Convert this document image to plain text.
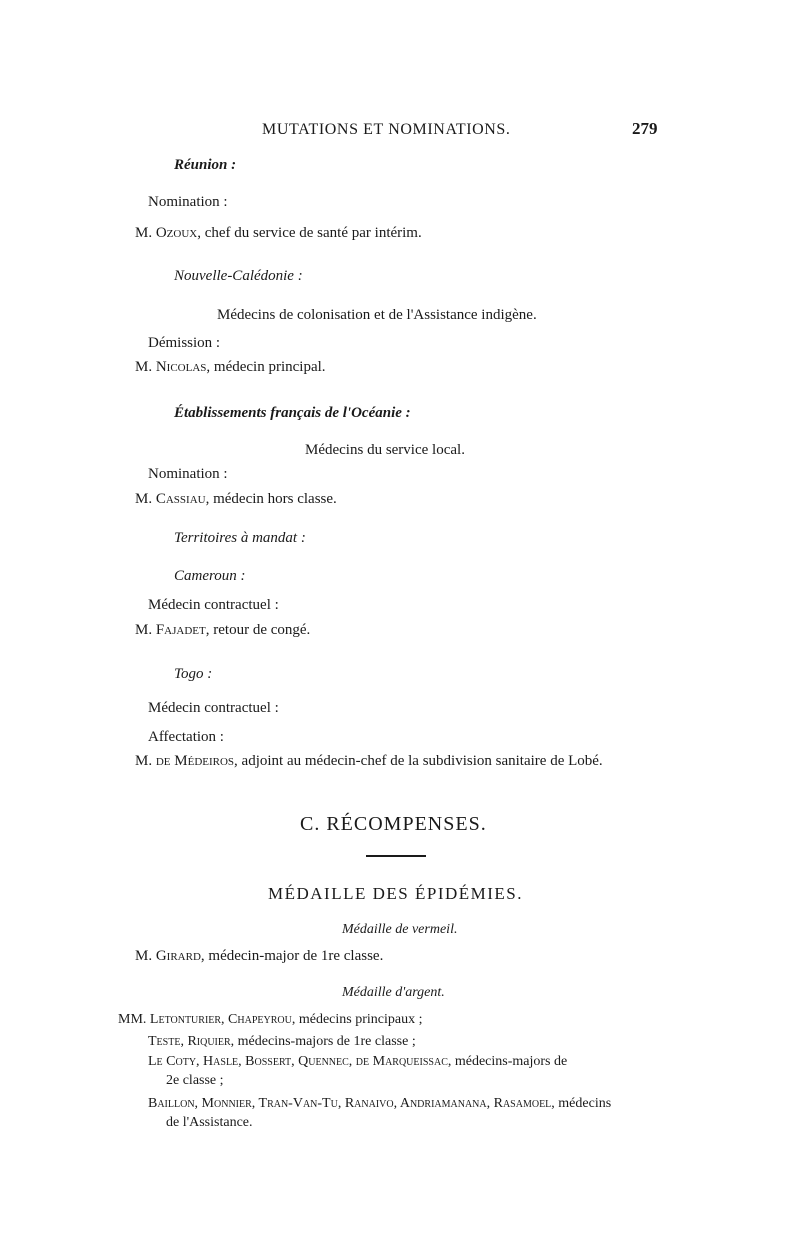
MUTATIONS ET NOMINATIONS.	279
Réunion :
Nomination :
M. Ozoux, chef du service de santé par intérim.
Nouvelle-Calédonie :
Médecins de colonisation et de l'Assistance indigène.
Démission :
M. Nicolas, médecin principal.
Établissements français de l'Océanie :
Médecins du service local.
Nomination :
M. Cassiau, médecin hors classe.
Territoires à mandat :
Cameroun :
Médecin contractuel :
M. Fajadet, retour de congé.
Togo :
Médecin contractuel :
Affectation :
M. de Médeiros, adjoint au médecin-chef de la subdivision sanitaire de Lobé.
C. RÉCOMPENSES.
MÉDAILLE DES ÉPIDÉMIES.
Médaille de vermeil.
M. Girard, médecin-major de 1re classe.
Médaille d'argent.
MM. Letonturier, Chapeyrou, médecins principaux ;
Teste, Riquier, médecins-majors de 1re classe ;
Le Coty, Hasle, Bossert, Quennec, de Marqueissac, médecins-majors de
2e classe ;
Baillon, Monnier, Tran-Van-Tu, Ranaivo, Andriamanana, Rasamoel, médecins
de l'Assistance.
